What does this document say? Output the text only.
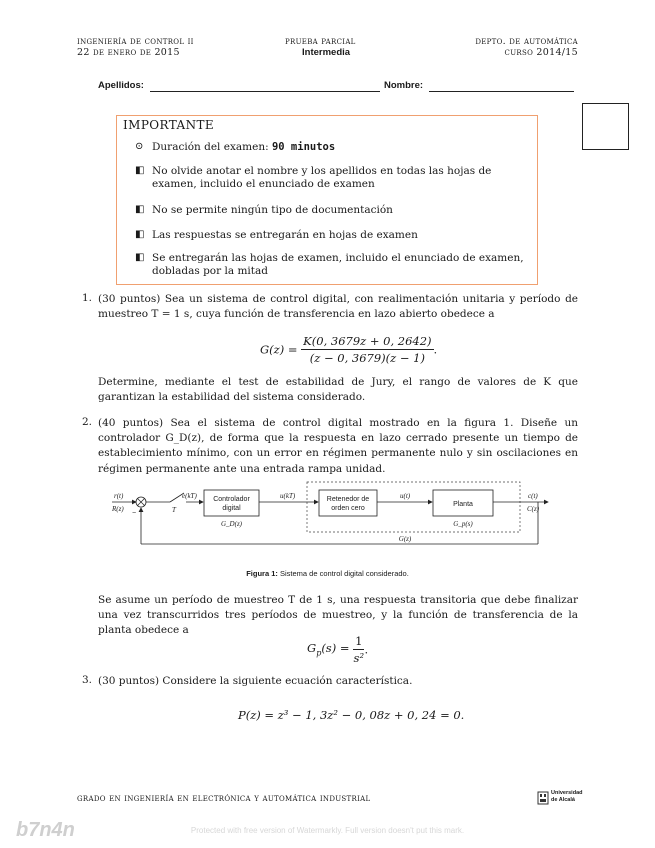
ingeniería de control ii
22 de enero de 2015
prueba parcial
Intermedia
depto. de automática
curso 2014/15
Apellidos:	Nombre:
IMPORTANTE
⊙ Duración del examen: 90 minutos
◧ No olvide anotar el nombre y los apellidos en todas las hojas de examen, incluido el enunciado de examen
◧ No se permite ningún tipo de documentación
◧ Las respuestas se entregarán en hojas de examen
◧ Se entregarán las hojas de examen, incluido el enunciado de examen, dobladas por la mitad
1. (30 puntos) Sea un sistema de control digital, con realimentación unitaria y período de muestreo T = 1 s, cuya función de transferencia en lazo abierto obedece a
$G(z) = \frac{K(0, 3679z + 0, 2642)}{(z - 0, 3679)(z - 1)}$ .
Determine, mediante el test de estabilidad de Jury, el rango de valores de K que garantizan la estabilidad del sistema considerado.
2. (40 puntos) Sea el sistema de control digital mostrado en la figura 1. Diseñe un controlador G_D(z), de forma que la respuesta en lazo cerrado presente un tiempo de establecimiento mínimo, con un error en régimen permanente nulo y sin oscilaciones en régimen permanente ante una entrada rampa unidad.
r(t)
R(z)
−	T
e(kT) Controlador
digital
G_D(z)
u(kT)	Retenedor de
orden cero
u(t)
Planta
G_p(s)
c(t)
C(z)
G(z)
Figura 1: Sistema de control digital considerado.
Se asume un período de muestreo T de 1 s, una respuesta transitoria que debe finalizar una vez transcurridos tres períodos de muestreo, y la función de transferencia de la planta obedece a
$G_p(s) = \frac{1}{\text{s²}}$ .
3. (30 puntos) Considere la siguiente ecuación característica.
P(z) = z³ − 1, 3z² − 0, 08z + 0, 24 = 0.
grado en ingeniería en electrónica y automática industrial	Universidad
de Alcalá
b7n4n	Protected with free version of Watermarkly. Full version doesn't put this mark.
